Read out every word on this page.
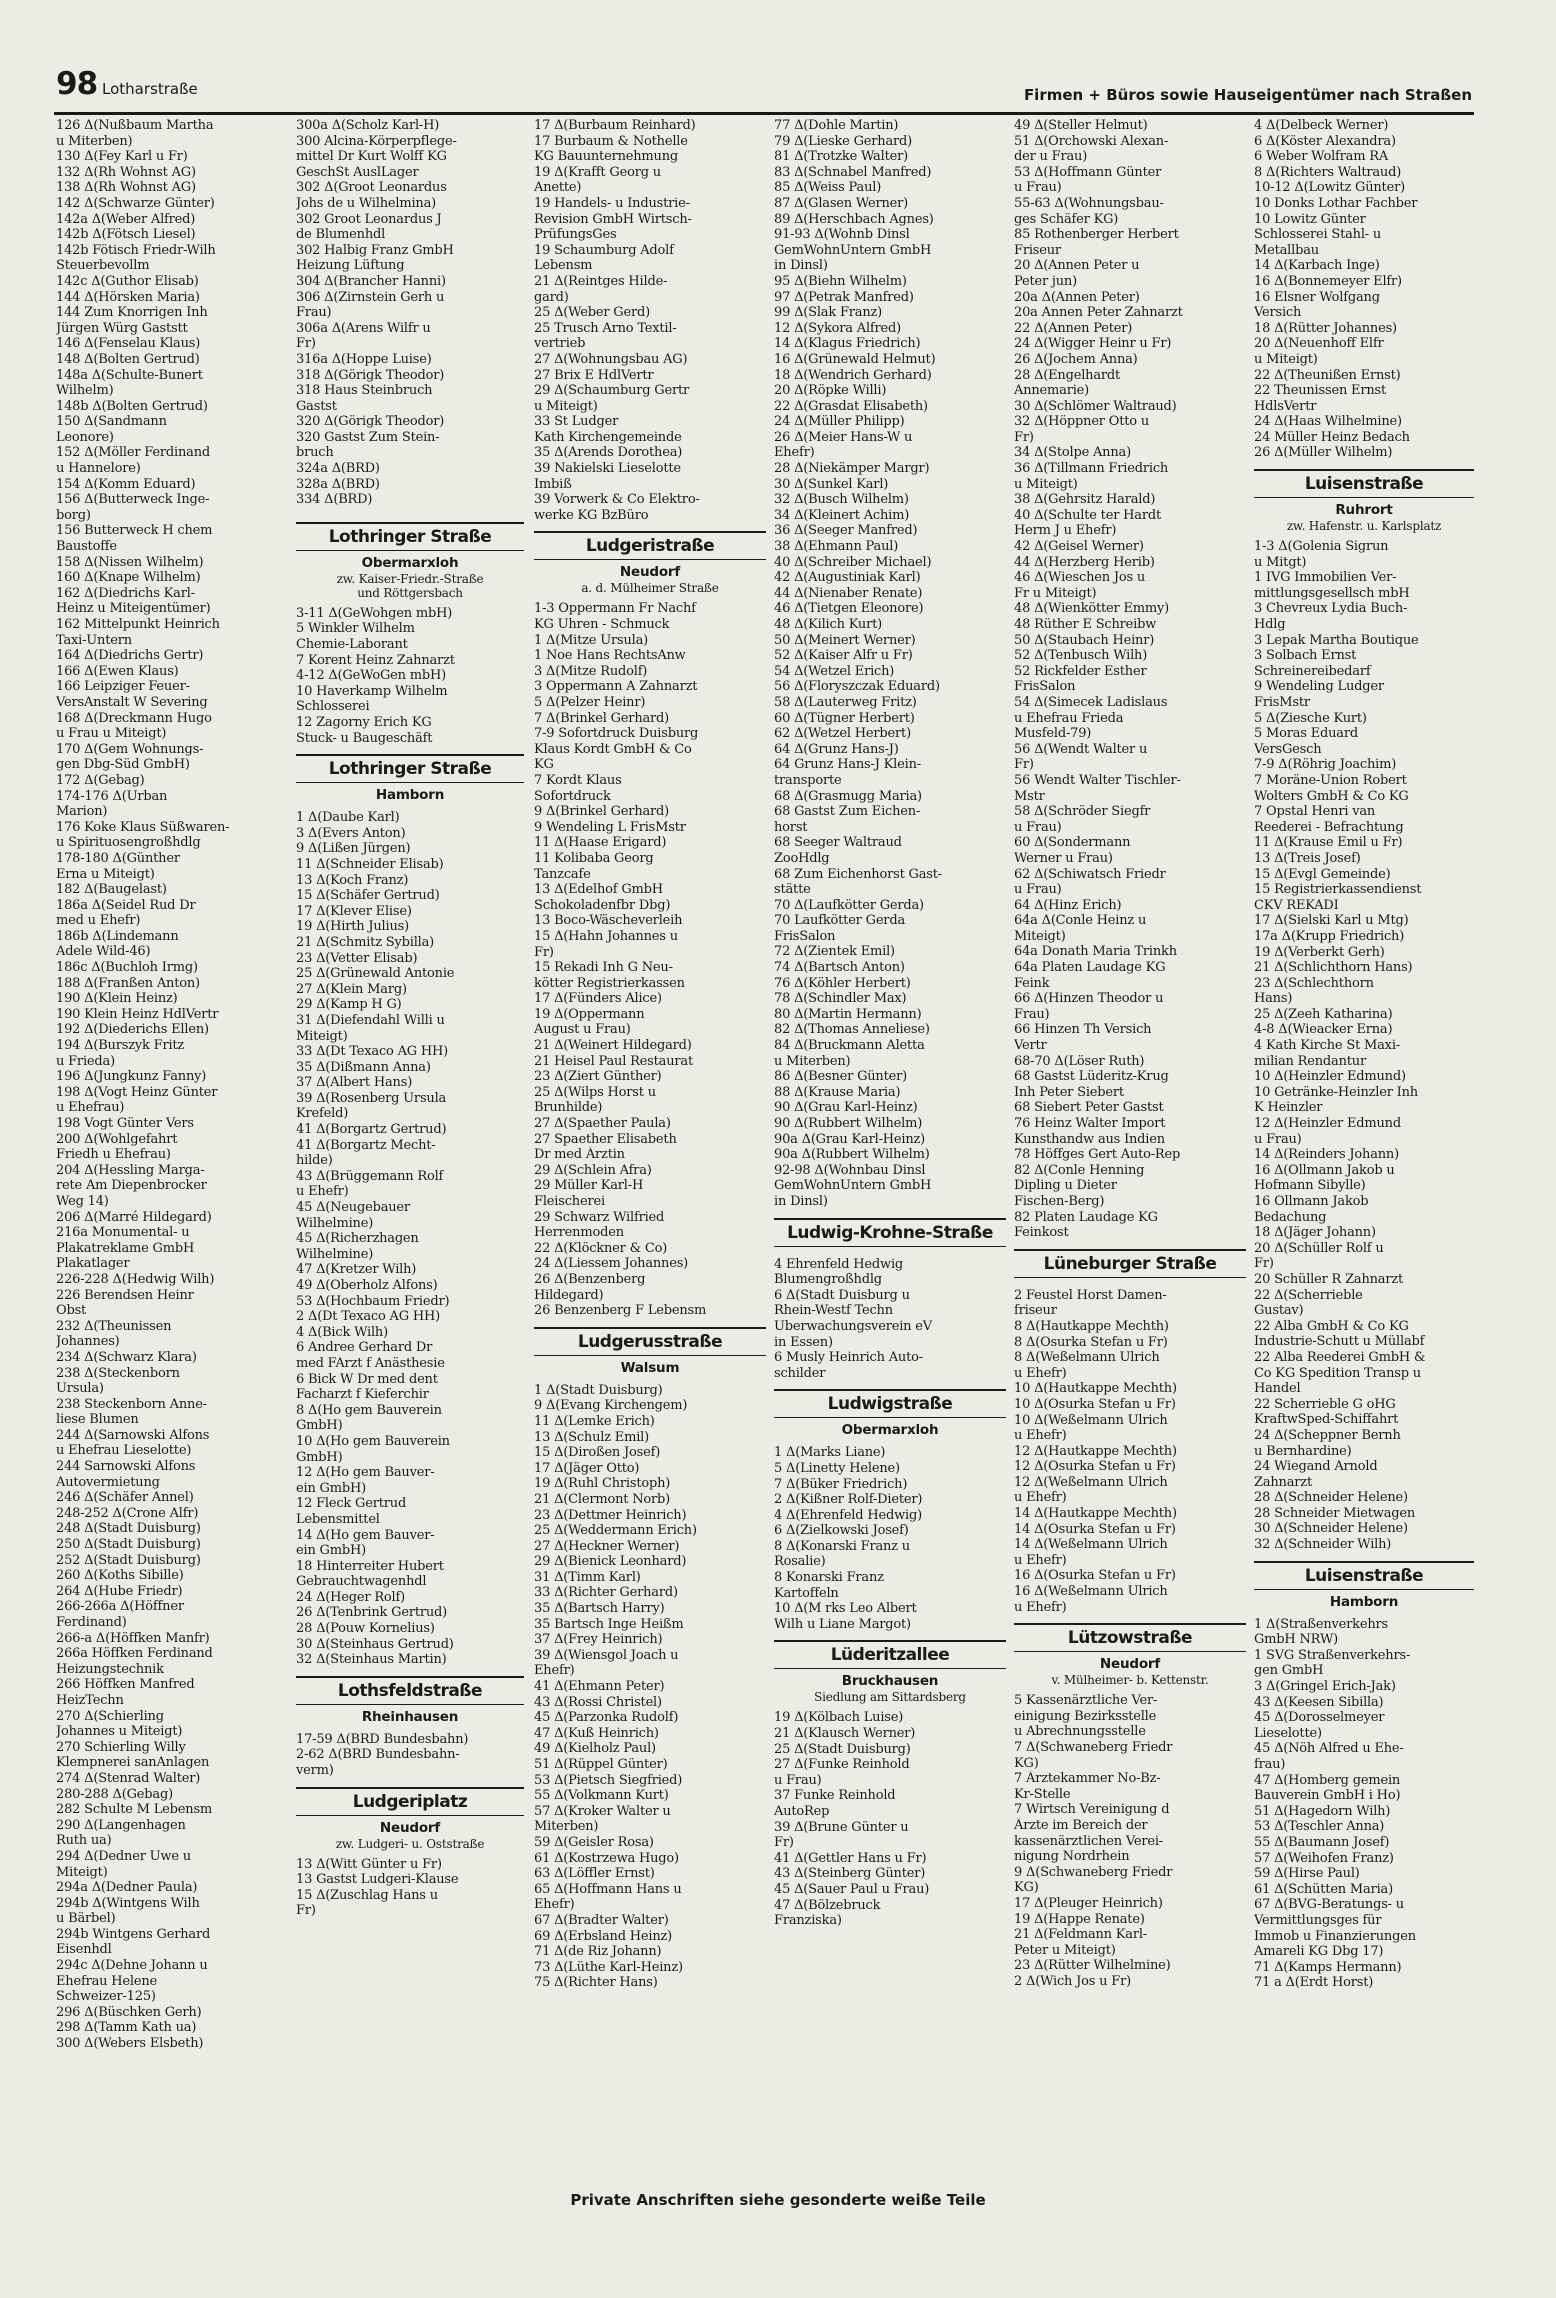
98 Lotharstraße	Firmen + Büros sowie Hauseigentümer nach Straßen
126 Δ(Nußbaum Martha
u Miterben)
130 Δ(Fey Karl u Fr)
132 Δ(Rh Wohnst AG)
138 Δ(Rh Wohnst AG)
142 Δ(Schwarze Günter)
142a Δ(Weber Alfred)
142b Δ(Fötsch Liesel)
142b Fötisch Friedr-Wilh
Steuerbevollm
142c Δ(Guthor Elisab)
144 Δ(Hörsken Maria)
144 Zum Knorrigen Inh
Jürgen Würg Gaststt
146 Δ(Fenselau Klaus)
148 Δ(Bolten Gertrud)
148a Δ(Schulte-Bunert
Wilhelm)
148b Δ(Bolten Gertrud)
150 Δ(Sandmann
Leonore)
152 Δ(Möller Ferdinand
u Hannelore)
154 Δ(Komm Eduard)
156 Δ(Butterweck Inge-
borg)
156 Butterweck H chem
Baustoffe
158 Δ(Nissen Wilhelm)
160 Δ(Knape Wilhelm)
162 Δ(Diedrichs Karl-
Heinz u Miteigentümer)
162 Mittelpunkt Heinrich
Taxi-Untern
164 Δ(Diedrichs Gertr)
166 Δ(Ewen Klaus)
166 Leipziger Feuer-
VersAnstalt W Severing
168 Δ(Dreckmann Hugo
u Frau u Miteigt)
170 Δ(Gem Wohnungs-
gen Dbg-Süd GmbH)
172 Δ(Gebag)
174-176 Δ(Urban
Marion)
176 Koke Klaus Süßwaren-
u Spirituosengroßhdlg
178-180 Δ(Günther
Erna u Miteigt)
182 Δ(Baugelast)
186a Δ(Seidel Rud Dr
med u Ehefr)
186b Δ(Lindemann
Adele Wild-46)
186c Δ(Buchloh Irmg)
188 Δ(Franßen Anton)
190 Δ(Klein Heinz)
190 Klein Heinz HdlVertr
192 Δ(Diederichs Ellen)
194 Δ(Burszyk Fritz
u Frieda)
196 Δ(Jungkunz Fanny)
198 Δ(Vogt Heinz Günter
u Ehefrau)
198 Vogt Günter Vers
200 Δ(Wohlgefahrt
Friedh u Ehefrau)
204 Δ(Hessling Marga-
rete Am Diepenbrocker
Weg 14)
206 Δ(Marré Hildegard)
216a Monumental- u
Plakatreklame GmbH
Plakatlager
226-228 Δ(Hedwig Wilh)
226 Berendsen Heinr
Obst
232 Δ(Theunissen
Johannes)
234 Δ(Schwarz Klara)
238 Δ(Steckenborn
Ursula)
238 Steckenborn Anne-
liese Blumen
244 Δ(Sarnowski Alfons
u Ehefrau Lieselotte)
244 Sarnowski Alfons
Autovermietung
246 Δ(Schäfer Annel)
248-252 Δ(Crone Alfr)
248 Δ(Stadt Duisburg)
250 Δ(Stadt Duisburg)
252 Δ(Stadt Duisburg)
260 Δ(Koths Sibille)
264 Δ(Hube Friedr)
266-266a Δ(Höffner
Ferdinand)
266-a Δ(Höffken Manfr)
266a Höffken Ferdinand
Heizungstechnik
266 Höffken Manfred
HeizTechn
270 Δ(Schierling
Johannes u Miteigt)
270 Schierling Willy
Klempnerei sanAnlagen
274 Δ(Stenrad Walter)
280-288 Δ(Gebag)
282 Schulte M Lebensm
290 Δ(Langenhagen
Ruth ua)
294 Δ(Dedner Uwe u
Miteigt)
294a Δ(Dedner Paula)
294b Δ(Wintgens Wilh
u Bärbel)
294b Wintgens Gerhard
Eisenhdl
294c Δ(Dehne Johann u
Ehefrau Helene
Schweizer-125)
296 Δ(Büschken Gerh)
298 Δ(Tamm Kath ua)
300 Δ(Webers Elsbeth)
300a Δ(Scholz Karl-H)
300 Alcina-Körperpflege-
mittel Dr Kurt Wolff KG
GeschSt AuslLager
302 Δ(Groot Leonardus
Johs de u Wilhelmina)
302 Groot Leonardus J
de Blumenhdl
302 Halbig Franz GmbH
Heizung Lüftung
304 Δ(Brancher Hanni)
306 Δ(Zirnstein Gerh u
Frau)
306a Δ(Arens Wilfr u
Fr)
316a Δ(Hoppe Luise)
318 Δ(Görigk Theodor)
318 Haus Steinbruch
Gastst
320 Δ(Görigk Theodor)
320 Gastst Zum Stein-
bruch
324a Δ(BRD)
328a Δ(BRD)
334 Δ(BRD)
Lothringer Straße
Obermarxloh
zw. Kaiser-Friedr.-Straße
und Röttgersbach
3-11 Δ(GeWohgen mbH)
5 Winkler Wilhelm
Chemie-Laborant
7 Korent Heinz Zahnarzt
4-12 Δ(GeWoGen mbH)
10 Haverkamp Wilhelm
Schlosserei
12 Zagorny Erich KG
Stuck- u Baugeschäft
Lothringer Straße
Hamborn
1 Δ(Daube Karl)
3 Δ(Evers Anton)
9 Δ(Lißen Jürgen)
11 Δ(Schneider Elisab)
13 Δ(Koch Franz)
15 Δ(Schäfer Gertrud)
17 Δ(Klever Elise)
19 Δ(Hirth Julius)
21 Δ(Schmitz Sybilla)
23 Δ(Vetter Elisab)
25 Δ(Grünewald Antonie
27 Δ(Klein Marg)
29 Δ(Kamp H G)
31 Δ(Diefendahl Willi u
Miteigt)
33 Δ(Dt Texaco AG HH)
35 Δ(Dißmann Anna)
37 Δ(Albert Hans)
39 Δ(Rosenberg Ursula
Krefeld)
41 Δ(Borgartz Gertrud)
41 Δ(Borgartz Mecht-
hilde)
43 Δ(Brüggemann Rolf
u Ehefr)
45 Δ(Neugebauer
Wilhelmine)
45 Δ(Richerzhagen
Wilhelmine)
47 Δ(Kretzer Wilh)
49 Δ(Oberholz Alfons)
53 Δ(Hochbaum Friedr)
2 Δ(Dt Texaco AG HH)
4 Δ(Bick Wilh)
6 Andree Gerhard Dr
med FArzt f Anästhesie
6 Bick W Dr med dent
Facharzt f Kieferchir
8 Δ(Ho gem Bauverein
GmbH)
10 Δ(Ho gem Bauverein
GmbH)
12 Δ(Ho gem Bauver-
ein GmbH)
12 Fleck Gertrud
Lebensmittel
14 Δ(Ho gem Bauver-
ein GmbH)
18 Hinterreiter Hubert
Gebrauchtwagenhdl
24 Δ(Heger Rolf)
26 Δ(Tenbrink Gertrud)
28 Δ(Pouw Kornelius)
30 Δ(Steinhaus Gertrud)
32 Δ(Steinhaus Martin)
Lothsfeldstraße
Rheinhausen
17-59 Δ(BRD Bundesbahn)
2-62 Δ(BRD Bundesbahn-
verm)
Ludgeriplatz
Neudorf
zw. Ludgeri- u. Oststraße
13 Δ(Witt Günter u Fr)
13 Gastst Ludgeri-Klause
15 Δ(Zuschlag Hans u
Fr)
17 Δ(Burbaum Reinhard)
17 Burbaum & Nothelle
KG Bauunternehmung
19 Δ(Krafft Georg u
Anette)
19 Handels- u Industrie-
Revision GmbH Wirtsch-
PrüfungsGes
19 Schaumburg Adolf
Lebensm
21 Δ(Reintges Hilde-
gard)
25 Δ(Weber Gerd)
25 Trusch Arno Textil-
vertrieb
27 Δ(Wohnungsbau AG)
27 Brix E HdlVertr
29 Δ(Schaumburg Gertr
u Miteigt)
33 St Ludger
Kath Kirchengemeinde
35 Δ(Arends Dorothea)
39 Nakielski Lieselotte
Imbiß
39 Vorwerk & Co Elektro-
werke KG BzBüro
Ludgeristraße
Neudorf
a. d. Mülheimer Straße
1-3 Oppermann Fr Nachf
KG Uhren - Schmuck
1 Δ(Mitze Ursula)
1 Noe Hans RechtsAnw
3 Δ(Mitze Rudolf)
3 Oppermann A Zahnarzt
5 Δ(Pelzer Heinr)
7 Δ(Brinkel Gerhard)
7-9 Sofortdruck Duisburg
Klaus Kordt GmbH & Co
KG
7 Kordt Klaus
Sofortdruck
9 Δ(Brinkel Gerhard)
9 Wendeling L FrisMstr
11 Δ(Haase Erigard)
11 Kolibaba Georg
Tanzcafe
13 Δ(Edelhof GmbH
Schokoladenfbr Dbg)
13 Boco-Wäscheverleih
15 Δ(Hahn Johannes u
Fr)
15 Rekadi Inh G Neu-
kötter Registrierkassen
17 Δ(Fünders Alice)
19 Δ(Oppermann
August u Frau)
21 Δ(Weinert Hildegard)
21 Heisel Paul Restaurat
23 Δ(Ziert Günther)
25 Δ(Wilps Horst u
Brunhilde)
27 Δ(Spaether Paula)
27 Spaether Elisabeth
Dr med Ärztin
29 Δ(Schlein Afra)
29 Müller Karl-H
Fleischerei
29 Schwarz Wilfried
Herrenmoden
22 Δ(Klöckner & Co)
24 Δ(Liessem Johannes)
26 Δ(Benzenberg
Hildegard)
26 Benzenberg F Lebensm
Ludgerusstraße
Walsum
1 Δ(Stadt Duisburg)
9 Δ(Evang Kirchengem)
11 Δ(Lemke Erich)
13 Δ(Schulz Emil)
15 Δ(Diroßen Josef)
17 Δ(Jäger Otto)
19 Δ(Ruhl Christoph)
21 Δ(Clermont Norb)
23 Δ(Dettmer Heinrich)
25 Δ(Weddermann Erich)
27 Δ(Heckner Werner)
29 Δ(Bienick Leonhard)
31 Δ(Timm Karl)
33 Δ(Richter Gerhard)
35 Δ(Bartsch Harry)
35 Bartsch Inge Heißm
37 Δ(Frey Heinrich)
39 Δ(Wiensgol Joach u
Ehefr)
41 Δ(Ehmann Peter)
43 Δ(Rossi Christel)
45 Δ(Parzonka Rudolf)
47 Δ(Kuß Heinrich)
49 Δ(Kielholz Paul)
51 Δ(Rüppel Günter)
53 Δ(Pietsch Siegfried)
55 Δ(Volkmann Kurt)
57 Δ(Kroker Walter u
Miterben)
59 Δ(Geisler Rosa)
61 Δ(Kostrzewa Hugo)
63 Δ(Löffler Ernst)
65 Δ(Hoffmann Hans u
Ehefr)
67 Δ(Bradter Walter)
69 Δ(Erbsland Heinz)
71 Δ(de Riz Johann)
73 Δ(Lüthe Karl-Heinz)
75 Δ(Richter Hans)
77 Δ(Dohle Martin)
79 Δ(Lieske Gerhard)
81 Δ(Trotzke Walter)
83 Δ(Schnabel Manfred)
85 Δ(Weiss Paul)
87 Δ(Glasen Werner)
89 Δ(Herschbach Agnes)
91-93 Δ(Wohnb Dinsl
GemWohnUntern GmbH
in Dinsl)
95 Δ(Biehn Wilhelm)
97 Δ(Petrak Manfred)
99 Δ(Slak Franz)
12 Δ(Sykora Alfred)
14 Δ(Klagus Friedrich)
16 Δ(Grünewald Helmut)
18 Δ(Wendrich Gerhard)
20 Δ(Röpke Willi)
22 Δ(Grasdat Elisabeth)
24 Δ(Müller Philipp)
26 Δ(Meier Hans-W u
Ehefr)
28 Δ(Niekämper Margr)
30 Δ(Sunkel Karl)
32 Δ(Busch Wilhelm)
34 Δ(Kleinert Achim)
36 Δ(Seeger Manfred)
38 Δ(Ehmann Paul)
40 Δ(Schreiber Michael)
42 Δ(Augustiniak Karl)
44 Δ(Nienaber Renate)
46 Δ(Tietgen Eleonore)
48 Δ(Kilich Kurt)
50 Δ(Meinert Werner)
52 Δ(Kaiser Alfr u Fr)
54 Δ(Wetzel Erich)
56 Δ(Floryszczak Eduard)
58 Δ(Lauterweg Fritz)
60 Δ(Tügner Herbert)
62 Δ(Wetzel Herbert)
64 Δ(Grunz Hans-J)
64 Grunz Hans-J Klein-
transporte
68 Δ(Grasmugg Maria)
68 Gastst Zum Eichen-
horst
68 Seeger Waltraud
ZooHdlg
68 Zum Eichenhorst Gast-
stätte
70 Δ(Laufkötter Gerda)
70 Laufkötter Gerda
FrisSalon
72 Δ(Zientek Emil)
74 Δ(Bartsch Anton)
76 Δ(Köhler Herbert)
78 Δ(Schindler Max)
80 Δ(Martin Hermann)
82 Δ(Thomas Anneliese)
84 Δ(Bruckmann Aletta
u Miterben)
86 Δ(Besner Günter)
88 Δ(Krause Maria)
90 Δ(Grau Karl-Heinz)
90 Δ(Rubbert Wilhelm)
90a Δ(Grau Karl-Heinz)
90a Δ(Rubbert Wilhelm)
92-98 Δ(Wohnbau Dinsl
GemWohnUntern GmbH
in Dinsl)
Ludwig-Krohne-Straße
4 Ehrenfeld Hedwig
Blumengroßhdlg
6 Δ(Stadt Duisburg u
Rhein-Westf Techn
Überwachungsverein eV
in Essen)
6 Musly Heinrich Auto-
schilder
Ludwigstraße
Obermarxloh
1 Δ(Marks Liane)
5 Δ(Linetty Helene)
7 Δ(Büker Friedrich)
2 Δ(Kißner Rolf-Dieter)
4 Δ(Ehrenfeld Hedwig)
6 Δ(Zielkowski Josef)
8 Δ(Konarski Franz u
Rosalie)
8 Konarski Franz
Kartoffeln
10 Δ(M rks Leo Albert
Wilh u Liane Margot)
Lüderitzallee
Bruckhausen
Siedlung am Sittardsberg
19 Δ(Kölbach Luise)
21 Δ(Klausch Werner)
25 Δ(Stadt Duisburg)
27 Δ(Funke Reinhold
u Frau)
37 Funke Reinhold
AutoRep
39 Δ(Brune Günter u
Fr)
41 Δ(Gettler Hans u Fr)
43 Δ(Steinberg Günter)
45 Δ(Sauer Paul u Frau)
47 Δ(Bölzebruck
Franziska)
49 Δ(Steller Helmut)
51 Δ(Orchowski Alexan-
der u Frau)
53 Δ(Hoffmann Günter
u Frau)
55-63 Δ(Wohnungsbau-
ges Schäfer KG)
85 Rothenberger Herbert
Friseur
20 Δ(Annen Peter u
Peter jun)
20a Δ(Annen Peter)
20a Annen Peter Zahnarzt
22 Δ(Annen Peter)
24 Δ(Wigger Heinr u Fr)
26 Δ(Jochem Anna)
28 Δ(Engelhardt
Annemarie)
30 Δ(Schlömer Waltraud)
32 Δ(Höppner Otto u
Fr)
34 Δ(Stolpe Anna)
36 Δ(Tillmann Friedrich
u Miteigt)
38 Δ(Gehrsitz Harald)
40 Δ(Schulte ter Hardt
Herm J u Ehefr)
42 Δ(Geisel Werner)
44 Δ(Herzberg Herib)
46 Δ(Wieschen Jos u
Fr u Miteigt)
48 Δ(Wienkötter Emmy)
48 Rüther E Schreibw
50 Δ(Staubach Heinr)
52 Δ(Tenbusch Wilh)
52 Rickfelder Esther
FrisSalon
54 Δ(Simecek Ladislaus
u Ehefrau Frieda
Musfeld-79)
56 Δ(Wendt Walter u
Fr)
56 Wendt Walter Tischler-
Mstr
58 Δ(Schröder Siegfr
u Frau)
60 Δ(Sondermann
Werner u Frau)
62 Δ(Schiwatsch Friedr
u Frau)
64 Δ(Hinz Erich)
64a Δ(Conle Heinz u
Miteigt)
64a Donath Maria Trinkh
64a Platen Laudage KG
Feink
66 Δ(Hinzen Theodor u
Frau)
66 Hinzen Th Versich
Vertr
68-70 Δ(Löser Ruth)
68 Gastst Lüderitz-Krug
Inh Peter Siebert
68 Siebert Peter Gastst
76 Heinz Walter Import
Kunsthandw aus Indien
78 Höffges Gert Auto-Rep
82 Δ(Conle Henning
Dipling u Dieter
Fischen-Berg)
82 Platen Laudage KG
Feinkost
Lüneburger Straße
2 Feustel Horst Damen-
friseur
8 Δ(Hautkappe Mechth)
8 Δ(Osurka Stefan u Fr)
8 Δ(Weßelmann Ulrich
u Ehefr)
10 Δ(Hautkappe Mechth)
10 Δ(Osurka Stefan u Fr)
10 Δ(Weßelmann Ulrich
u Ehefr)
12 Δ(Hautkappe Mechth)
12 Δ(Osurka Stefan u Fr)
12 Δ(Weßelmann Ulrich
u Ehefr)
14 Δ(Hautkappe Mechth)
14 Δ(Osurka Stefan u Fr)
14 Δ(Weßelmann Ulrich
u Ehefr)
16 Δ(Osurka Stefan u Fr)
16 Δ(Weßelmann Ulrich
u Ehefr)
Lützowstraße
Neudorf
v. Mülheimer- b. Kettenstr.
5 Kassenärztliche Ver-
einigung Bezirksstelle
u Abrechnungsstelle
7 Δ(Schwaneberg Friedr
KG)
7 Ärztekammer No-Bz-
Kr-Stelle
7 Wirtsch Vereinigung d
Ärzte im Bereich der
kassenärztlichen Verei-
nigung Nordrhein
9 Δ(Schwaneberg Friedr
KG)
17 Δ(Pleuger Heinrich)
19 Δ(Happe Renate)
21 Δ(Feldmann Karl-
Peter u Miteigt)
23 Δ(Rütter Wilhelmine)
2 Δ(Wich Jos u Fr)
4 Δ(Delbeck Werner)
6 Δ(Köster Alexandra)
6 Weber Wolfram RA
8 Δ(Richters Waltraud)
10-12 Δ(Lowitz Günter)
10 Donks Lothar Fachber
10 Lowitz Günter
Schlosserei Stahl- u
Metallbau
14 Δ(Karbach Inge)
16 Δ(Bonnemeyer Elfr)
16 Elsner Wolfgang
Versich
18 Δ(Rütter Johannes)
20 Δ(Neuenhoff Elfr
u Miteigt)
22 Δ(Theunißen Ernst)
22 Theunissen Ernst
HdlsVertr
24 Δ(Haas Wilhelmine)
24 Müller Heinz Bedach
26 Δ(Müller Wilhelm)
Luisenstraße
Ruhrort
zw. Hafenstr. u. Karlsplatz
1-3 Δ(Golenia Sigrun
u Mitgt)
1 IVG Immobilien Ver-
mittlungsgesellsch mbH
3 Chevreux Lydia Buch-
Hdlg
3 Lepak Martha Boutique
3 Solbach Ernst
Schreinereibedarf
9 Wendeling Ludger
FrisMstr
5 Δ(Ziesche Kurt)
5 Moras Eduard
VersGesch
7-9 Δ(Röhrig Joachim)
7 Moräne-Union Robert
Wolters GmbH & Co KG
7 Opstal Henri van
Reederei - Befrachtung
11 Δ(Krause Emil u Fr)
13 Δ(Treis Josef)
15 Δ(Evgl Gemeinde)
15 Registrierkassendienst
CKV REKADI
17 Δ(Sielski Karl u Mtg)
17a Δ(Krupp Friedrich)
19 Δ(Verberkt Gerh)
21 Δ(Schlichthorn Hans)
23 Δ(Schlechthorn
Hans)
25 Δ(Zeeh Katharina)
4-8 Δ(Wieacker Erna)
4 Kath Kirche St Maxi-
milian Rendantur
10 Δ(Heinzler Edmund)
10 Getränke-Heinzler Inh
K Heinzler
12 Δ(Heinzler Edmund
u Frau)
14 Δ(Reinders Johann)
16 Δ(Ollmann Jakob u
Hofmann Sibylle)
16 Ollmann Jakob
Bedachung
18 Δ(Jäger Johann)
20 Δ(Schüller Rolf u
Fr)
20 Schüller R Zahnarzt
22 Δ(Scherrieble
Gustav)
22 Alba GmbH & Co KG
Industrie-Schutt u Müllabf
22 Alba Reederei GmbH &
Co KG Spedition Transp u
Handel
22 Scherrieble G oHG
KraftwSped-Schiffahrt
24 Δ(Scheppner Bernh
u Bernhardine)
24 Wiegand Arnold
Zahnarzt
28 Δ(Schneider Helene)
28 Schneider Mietwagen
30 Δ(Schneider Helene)
32 Δ(Schneider Wilh)
Luisenstraße
Hamborn
1 Δ(Straßenverkehrs
GmbH NRW)
1 SVG Straßenverkehrs-
gen GmbH
3 Δ(Gringel Erich-Jak)
43 Δ(Keesen Sibilla)
45 Δ(Dorosselmeyer
Lieselotte)
45 Δ(Nöh Alfred u Ehe-
frau)
47 Δ(Homberg gemein
Bauverein GmbH i Ho)
51 Δ(Hagedorn Wilh)
53 Δ(Teschler Anna)
55 Δ(Baumann Josef)
57 Δ(Weihofen Franz)
59 Δ(Hirse Paul)
61 Δ(Schütten Maria)
67 Δ(BVG-Beratungs- u
Vermittlungsges für
Immob u Finanzierungen
Amareli KG Dbg 17)
71 Δ(Kamps Hermann)
71 a Δ(Erdt Horst)
Private Anschriften siehe gesonderte weiße Teile
